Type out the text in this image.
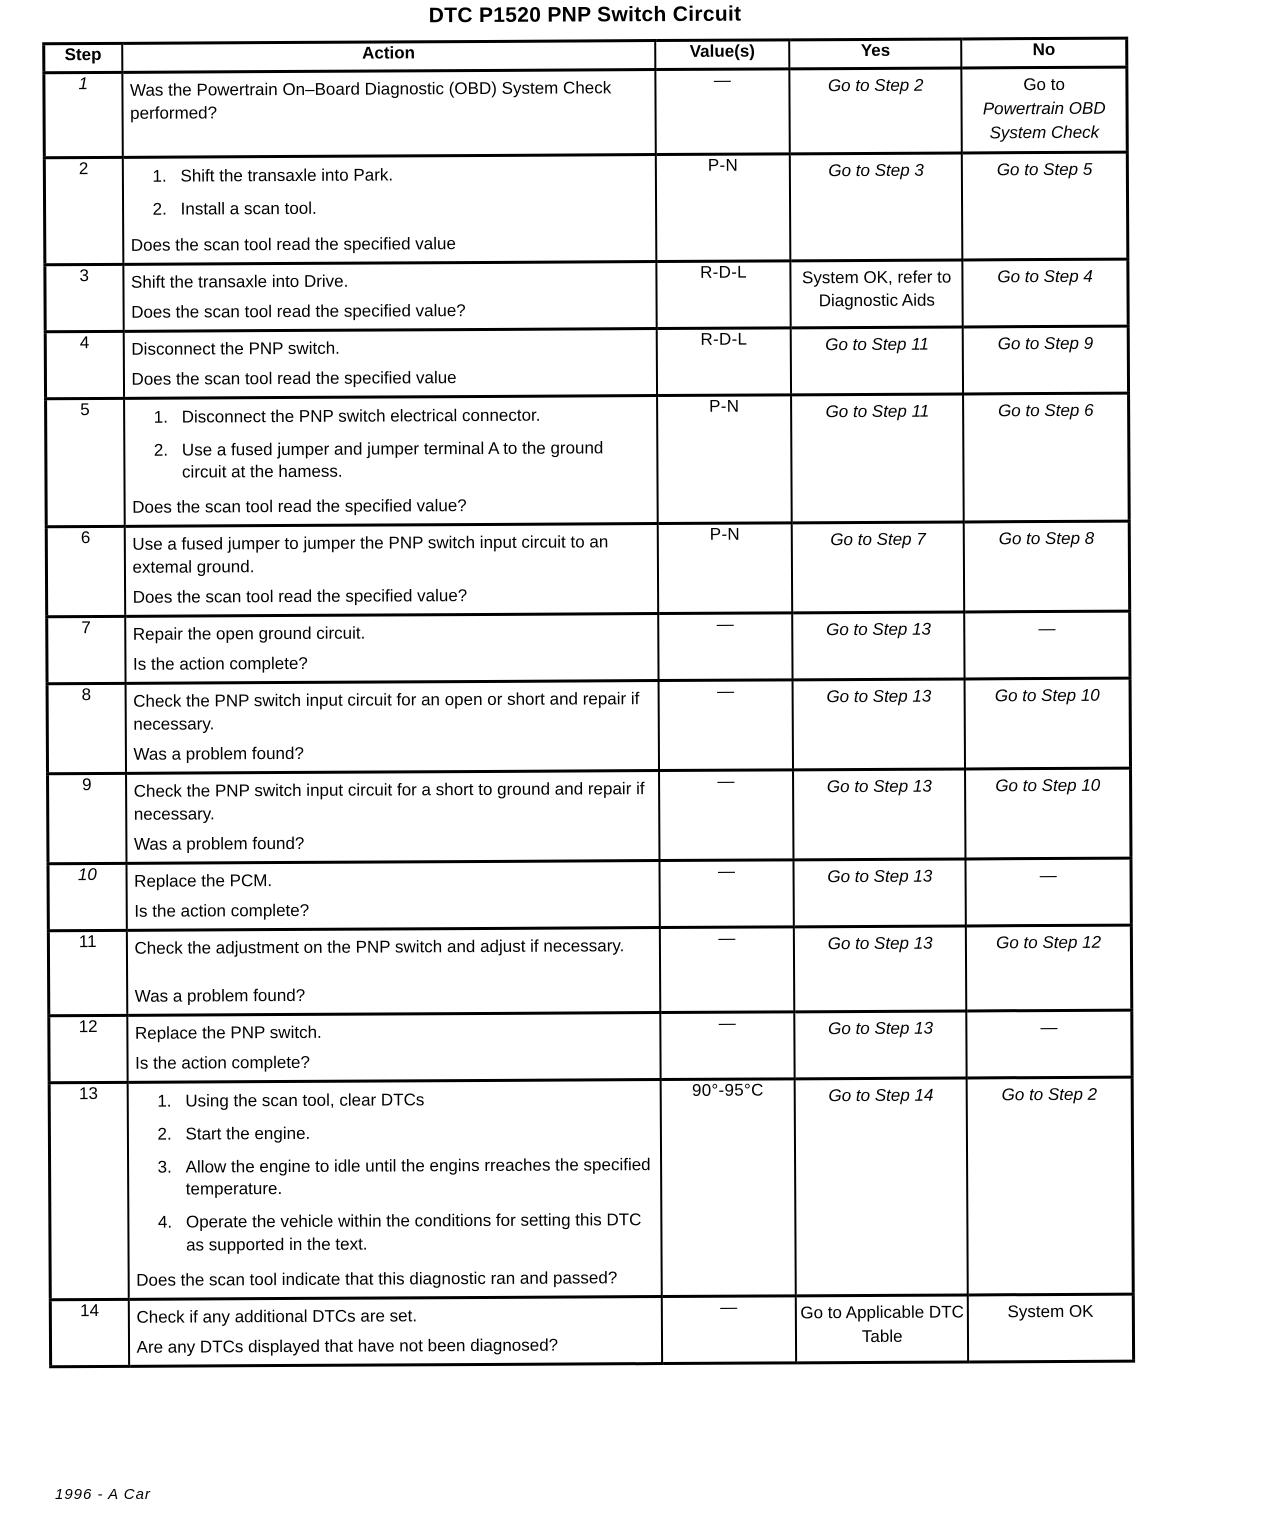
DTC P1520 PNP Switch Circuit
Step	Action	Value(s)	Yes	No

1	Was the Powertrain On–Board Diagnostic (OBD) System Check performed?	—	Go to Step 2	Go to
Powertrain OBD System Check

2	1. Shift the transaxle into Park.
2. Install a scan tool.
Does the scan tool read the specified value	P-N	Go to Step 3	Go to Step 5

3	Shift the transaxle into Drive.
Does the scan tool read the specified value?	R-D-L	System OK, refer to Diagnostic Aids	Go to Step 4

4	Disconnect the PNP switch.
Does the scan tool read the specified value	R-D-L	Go to Step 11	Go to Step 9

5	1. Disconnect the PNP switch electrical connector.
2. Use a fused jumper and jumper terminal A to the ground circuit at the hamess.
Does the scan tool read the specified value?	P-N	Go to Step 11	Go to Step 6

6	Use a fused jumper to jumper the PNP switch input circuit to an extemal ground.
Does the scan tool read the specified value?	P-N	Go to Step 7	Go to Step 8

7	Repair the open ground circuit.
Is the action complete?	—	Go to Step 13	—

8	Check the PNP switch input circuit for an open or short and repair if necessary.
Was a problem found?	—	Go to Step 13	Go to Step 10

9	Check the PNP switch input circuit for a short to ground and repair if necessary.
Was a problem found?	—	Go to Step 13	Go to Step 10

10	Replace the PCM.
Is the action complete?	—	Go to Step 13	—

11	Check the adjustment on the PNP switch and adjust if necessary.
Was a problem found?	—	Go to Step 13	Go to Step 12

12	Replace the PNP switch.
Is the action complete?	—	Go to Step 13	—

13	1. Using the scan tool, clear DTCs
2. Start the engine.
3. Allow the engine to idle until the engins rreaches the specified temperature.
4. Operate the vehicle within the conditions for setting this DTC as supported in the text.
Does the scan tool indicate that this diagnostic ran and passed?

90°-95°C	Go to Step 14	Go to Step 2

14	Check if any additional DTCs are set.
Are any DTCs displayed that have not been diagnosed?	—	Go to Applicable DTC Table	System OK
1996 - A Car
